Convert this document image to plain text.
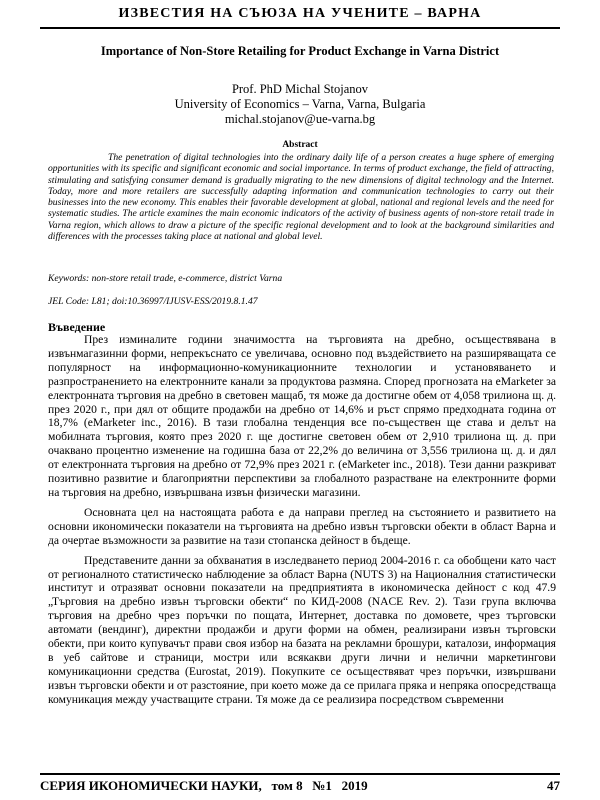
ИЗВЕСТИЯ НА СЪЮЗА НА УЧЕНИТЕ – ВАРНА
Importance of Non-Store Retailing for Product Exchange in Varna District
Prof. PhD Michal Stojanov
University of Economics – Varna, Varna, Bulgaria
michal.stojanov@ue-varna.bg
Abstract

The penetration of digital technologies into the ordinary daily life of a person creates a huge sphere of emerging opportunities with its specific and significant economic and social importance. In terms of product exchange, the field of attracting, stimulating and satisfying consumer demand is gradually migrating to the new dimensions of digital technology and the Internet. Today, more and more retailers are successfully adapting information and communication technologies to carry out their businesses into the new economy. This enables their favorable development at global, national and regional levels and the need for systematic studies. The article examines the main economic indicators of the activity of business agents of non-store retail trade in Varna region, which allows to draw a picture of the specific regional development and to look at the background similarities and differences with the processes taking place at national and global level.

Keywords: non-store retail trade, e-commerce, district Varna
JEL Code: L81; doi:10.36997/IJUSV-ESS/2019.8.1.47
Въведение

През изминалите години значимостта на търговията на дребно, осъществявана в извънмагазинни форми, непрекъснато се увеличава, основно под въздействието на разширяващата се популярност на информационно-комуникационните технологии и установяването и разпространението на електронните канали за продуктова размяна. Според прогнозата на eMarketer за електронната търговия на дребно в световен мащаб, тя може да достигне обем от 4,058 трилиона щ. д. през 2020 г., при дял от общите продажби на дребно от 14,6% и ръст спрямо предходната година от 18,7% (eMarketer inc., 2016). В тази глобална тенденция все по-съществен ще става и делът на мобилната търговия, която през 2020 г. ще достигне световен обем от 2,910 трилиона щ. д. при очаквано процентно изменение на годишна база от 22,2% до величина от 3,556 трилиона щ. д. и дял от електронната търговия на дребно от 72,9% през 2021 г. (eMarketer inc., 2018). Тези данни разкриват позитивно развитие и благоприятни перспективи за глобалното разрастване на електронните форми на търговия на дребно, извършвана извън физически магазини.

Основната цел на настоящата работа е да направи преглед на състоянието и развитието на основни икономически показатели на търговията на дребно извън търговски обекти в област Варна и да очертае възможности за развитие на тази стопанска дейност в бъдеще.

Представените данни за обхванатия в изследването период 2004-2016 г. са обобщени като част от регионалното статистическо наблюдение за област Варна (NUTS 3) на Националния статистически институт и отразяват основни показатели на предприятията в икономическа дейност с код 47.9 „Търговия на дребно извън търговски обекти“ по КИД-2008 (NACE Rev. 2). Тази група включва търговия на дребно чрез поръчки по пощата, Интернет, доставка по домовете, чрез търговски автомати (вендинг), директни продажби и други форми на обмен, реализирани извън търговски обекти, при които купувачът прави своя избор на базата на рекламни брошури, каталози, информация в уеб сайтове и страници, мостри или всякакви други лични и нелични маркетингови комуникационни средства (Eurostat, 2019). Покупките се осъществяват чрез поръчки, извършвани извън търговски обекти и от разстояние, при което може да се прилага пряка и непряка опосредстваща комуникация между участващите страни. Тя може да се реализира посредством съвременни

СЕРИЯ ИКОНОМИЧЕСКИ НАУКИ,   том 8   №1   2019	47
